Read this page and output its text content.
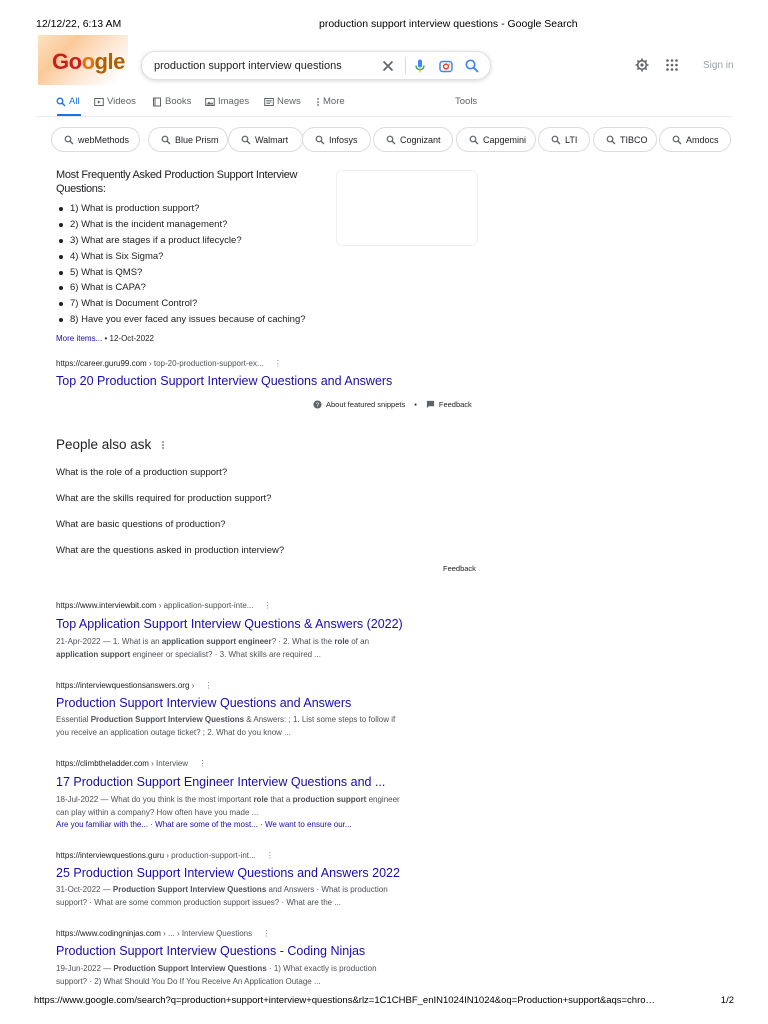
12/12/22, 6:13 AM	production support interview questions - Google Search
https://www.google.com/search?q=production+support+interview+questions&rlz=1C1CHBF_enIN1024IN1024&oq=Production+support&aqs=chro…	1/2
Google
production support interview questions	Sign in
All	Videos	Books	Images	News More	Tools
webMethods	Blue Prism	Walmart	Infosys	Cognizant	Capgemini	LTI	TIBCO	Amdocs
Most Frequently Asked Production Support Interview Questions:
1) What is production support?
2) What is the incident management?
3) What are stages if a product lifecycle?
4) What is Six Sigma?
5) What is QMS?
6) What is CAPA?
7) What is Document Control?
8) Have you ever faced any issues because of caching?
More items... • 12-Oct-2022
https://career.guru99.com › top-20-production-support-ex... ⋮
Top 20 Production Support Interview Questions and Answers
? About featured snippets •	Feedback
People also ask
What is the role of a production support?
What are the skills required for production support?
What are basic questions of production?
What are the questions asked in production interview?
Feedback
https://www.interviewbit.com › application-support-inte... ⋮
Top Application Support Interview Questions & Answers (2022)
21-Apr-2022 — 1. What is an application support engineer? · 2. What is the role of an
application support engineer or specialist? · 3. What skills are required ...
https://interviewquestionsanswers.org › ⋮
Production Support Interview Questions and Answers
Essential Production Support Interview Questions & Answers: ; 1. List some steps to follow if
you receive an application outage ticket? ; 2. What do you know ...
https://climbtheladder.com › Interview ⋮
17 Production Support Engineer Interview Questions and ...
18-Jul-2022 — What do you think is the most important role that a production support engineer
can play within a company? How often have you made ...
Are you familiar with the... · What are some of the most... · We want to ensure our...
https://interviewquestions.guru › production-support-int... ⋮
25 Production Support Interview Questions and Answers 2022
31-Oct-2022 — Production Support Interview Questions and Answers · What is production
support? · What are some common production support issues? · What are the ...
https://www.codingninjas.com › ... › Interview Questions ⋮
Production Support Interview Questions - Coding Ninjas
19-Jun-2022 — Production Support Interview Questions · 1) What exactly is production
support? · 2) What Should You Do If You Receive An Application Outage ...
